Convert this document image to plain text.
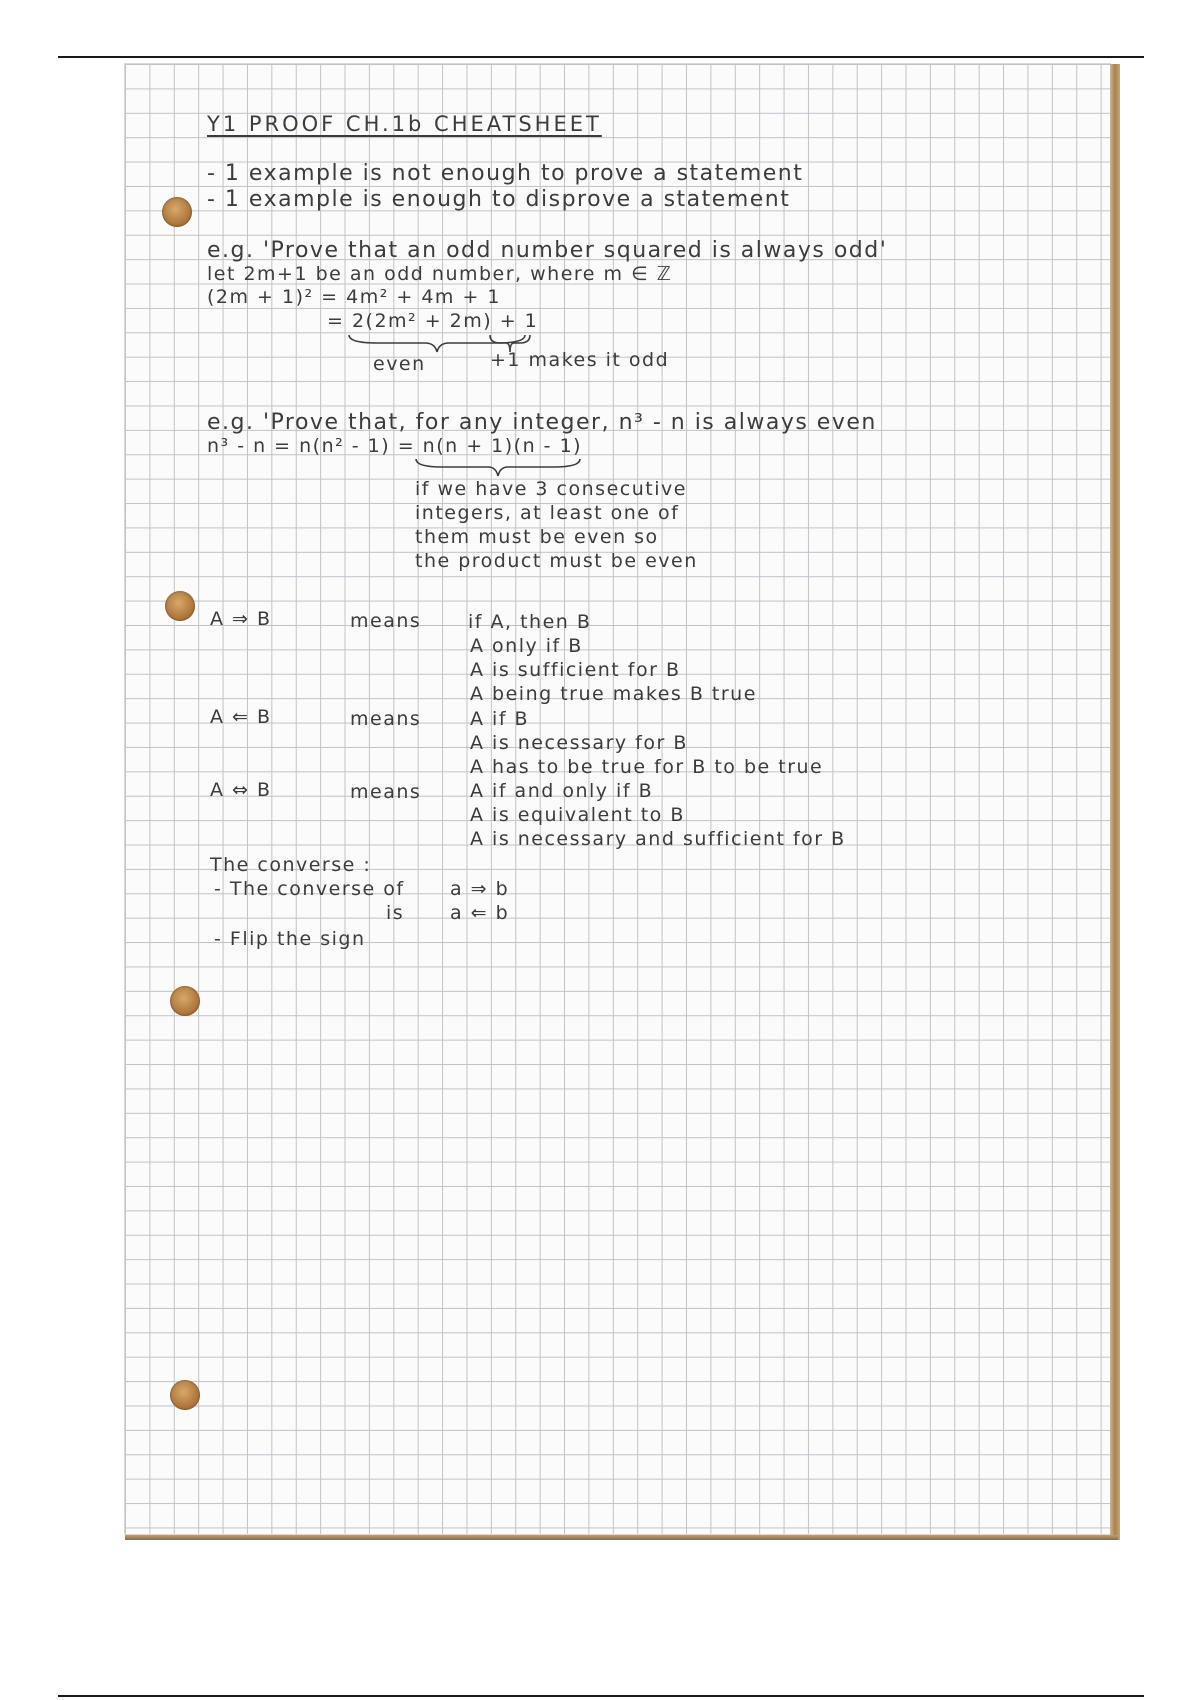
Y1 PROOF CH.1b CHEATSHEET
- 1 example is not enough to prove a statement
- 1 example is enough to disprove a statement
e.g. 'Prove that an odd number squared is always odd'
let 2m+1 be an odd number, where m ∈ ℤ
(2m + 1)² = 4m² + 4m + 1
= 2(2m² + 2m) + 1
even	+1 makes it odd
e.g. 'Prove that, for any integer, n³ - n is always even
n³ - n = n(n² - 1) = n(n + 1)(n - 1)
if we have 3 consecutive
integers, at least one of
them must be even so
the product must be even
A ⇒ B	means if A, then B
A only if B
A is sufficient for B
A being true makes B true
A ⇐ B	means	A if B
A is necessary for B
A has to be true for B to be true
A ⇔ B	means	A if and only if B
A is equivalent to B
A is necessary and sufficient for B
The converse :
- The converse of a ⇒ b
is a ⇐ b
- Flip the sign
